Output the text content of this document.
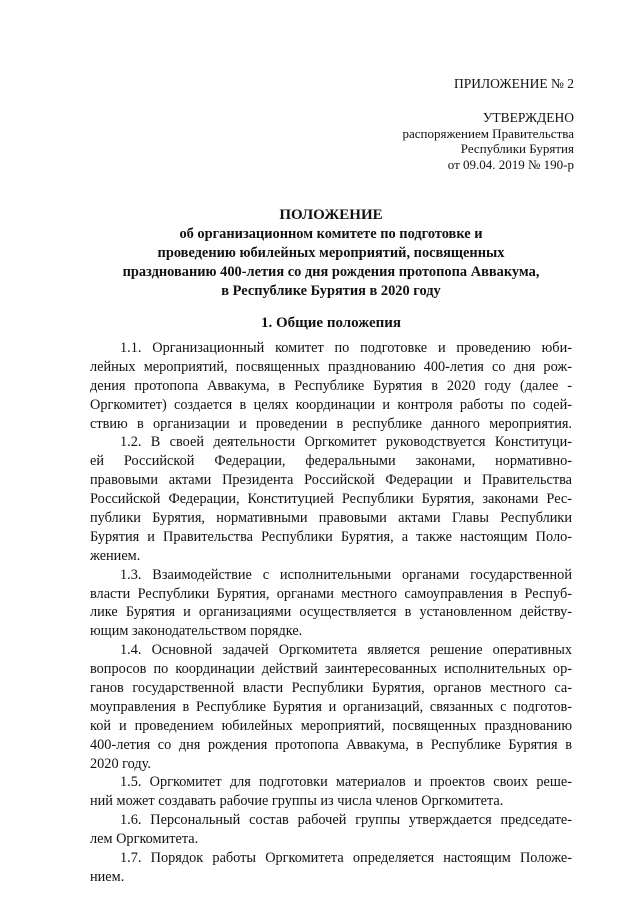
ПРИЛОЖЕНИЕ № 2
УТВЕРЖДЕНО
распоряжением Правительства
Республики Бурятия
от 09.04. 2019 № 190-р
ПОЛОЖЕНИЕ
об организационном комитете по подготовке и
проведению юбилейных мероприятий, посвященных
празднованию 400-летия со дня рождения протопопа Аввакума,
в Республике Бурятия в 2020 году
1. Общие положепия
1.1. Организационный комитет по подготовке и проведению юби-
лейных мероприятий, посвященных празднованию 400-летия со дня рож-
дения протопопа Аввакума, в Республике Бурятия в 2020 году (далее -
Оргкомитет) создается в целях координации и контроля работы по содей-
ствию в организации и проведении в республике данного мероприятия.
1.2. В своей деятельности Оргкомитет руководствуется Конституци-
ей Российской Федерации, федеральными законами, нормативно-
правовыми актами Президента Российской Федерации и Правительства
Российской Федерации, Конституцией Республики Бурятия, законами Рес-
публики Бурятия, нормативными правовыми актами Главы Республики
Бурятия и Правительства Республики Бурятия, а также настоящим Поло-
жением.
1.3. Взаимодействие с исполнительными органами государственной
власти Республики Бурятия, органами местного самоуправления в Респуб-
лике Бурятия и организациями осуществляется в установленном действу-
ющим законодательством порядке.
1.4. Основной задачей Оргкомитета является решение оперативных
вопросов по координации действий заинтересованных исполнительных ор-
ганов государственной власти Республики Бурятия, органов местного са-
моуправления в Республике Бурятия и организаций, связанных с подготов-
кой и проведением юбилейных мероприятий, посвященных празднованию
400-летия со дня рождения протопопа Аввакума, в Республике Бурятия в
2020 году.
1.5. Оргкомитет для подготовки материалов и проектов своих реше-
ний может создавать рабочие группы из числа членов Оргкомитета.
1.6. Персональный состав рабочей группы утверждается председате-
лем Оргкомитета.
1.7. Порядок работы Оргкомитета определяется настоящим Положе-
нием.
